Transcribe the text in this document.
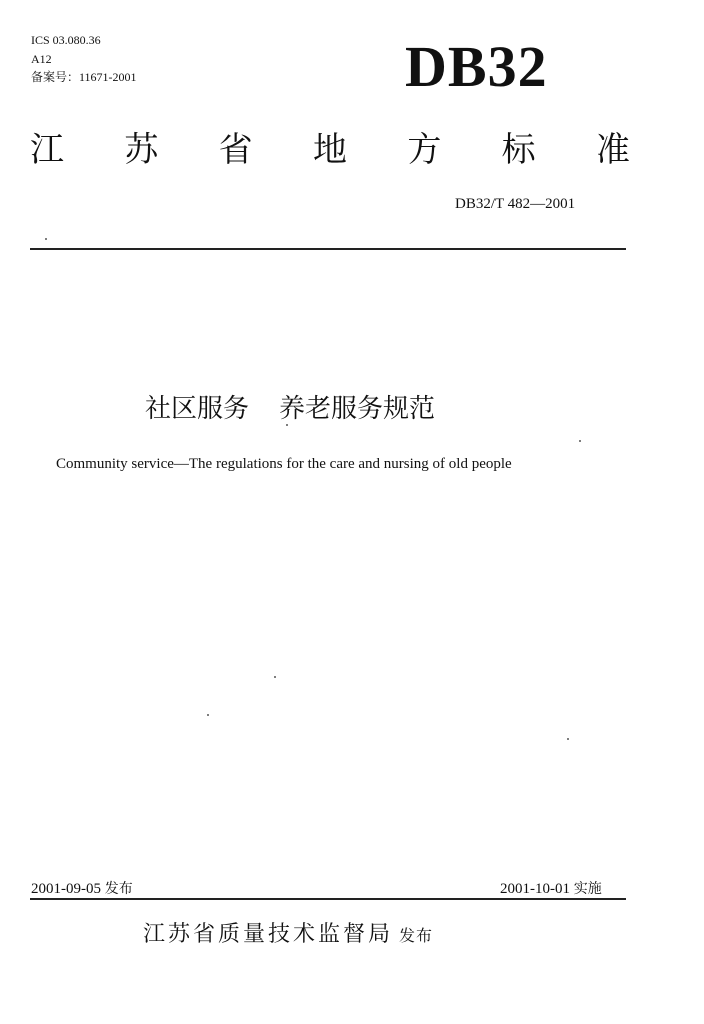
ICS 03.080.36
A12
备案号：11671-2001	DB32
江 苏 省 地 方 标 准
DB32/T 482—2001
社区服务 养老服务规范
Community service—The regulations for the care and nursing of old people
2001-09-05 发布	2001-10-01 实施
江苏省质量技术监督局 发布
